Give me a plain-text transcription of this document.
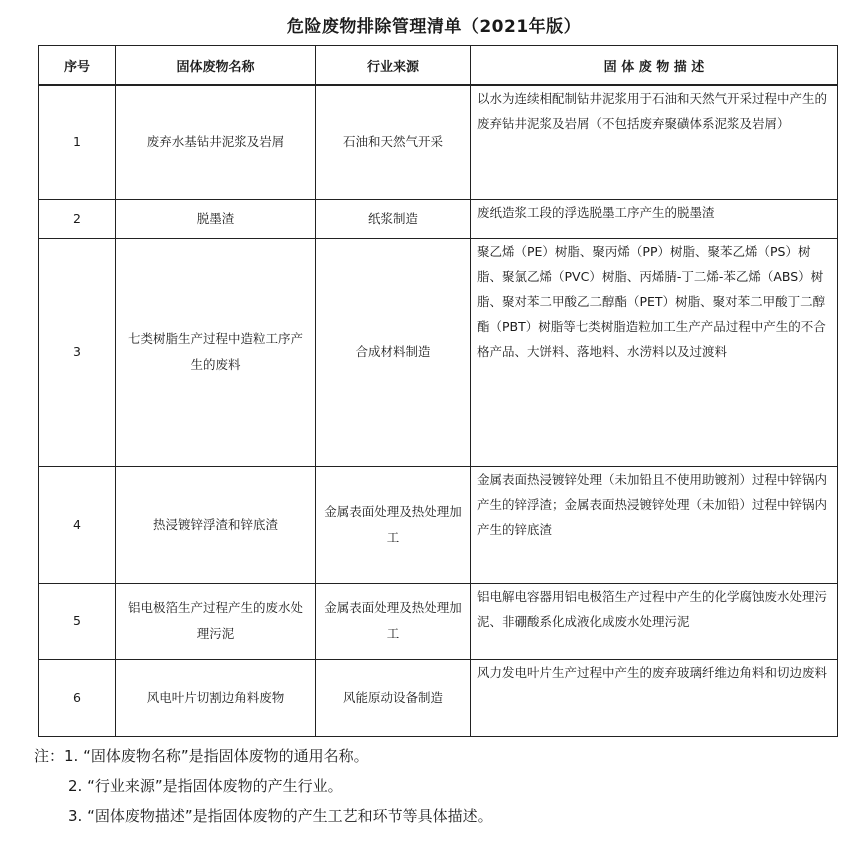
危险废物排除管理清单（2021年版）
序号	固体废物名称	行业来源	固 体 废 物 描 述
1	废弃水基钻井泥浆及岩屑	石油和天然气开采	以水为连续相配制钻井泥浆用于石油和天然气开采过程中产生的废弃钻井泥浆及岩屑（不包括废弃聚磺体系泥浆及岩屑）
2	脱墨渣	纸浆制造	废纸造浆工段的浮选脱墨工序产生的脱墨渣
3	七类树脂生产过程中造粒工序产生的废料	合成材料制造	聚乙烯（PE）树脂、聚丙烯（PP）树脂、聚苯乙烯（PS）树脂、聚氯乙烯（PVC）树脂、丙烯腈-丁二烯-苯乙烯（ABS）树脂、聚对苯二甲酸乙二醇酯（PET）树脂、聚对苯二甲酸丁二醇酯（PBT）树脂等七类树脂造粒加工生产产品过程中产生的不合格产品、大饼料、落地料、水涝料以及过渡料
4	热浸镀锌浮渣和锌底渣	金属表面处理及热处理加工	金属表面热浸镀锌处理（未加铅且不使用助镀剂）过程中锌锅内产生的锌浮渣；金属表面热浸镀锌处理（未加铅）过程中锌锅内产生的锌底渣
5	铝电极箔生产过程产生的废水处理污泥	金属表面处理及热处理加工	铝电解电容器用铝电极箔生产过程中产生的化学腐蚀废水处理污泥、非硼酸系化成液化成废水处理污泥
6	风电叶片切割边角料废物	风能原动设备制造	风力发电叶片生产过程中产生的废弃玻璃纤维边角料和切边废料
注：1. “固体废物名称”是指固体废物的通用名称。
2. “行业来源”是指固体废物的产生行业。
3. “固体废物描述”是指固体废物的产生工艺和环节等具体描述。
